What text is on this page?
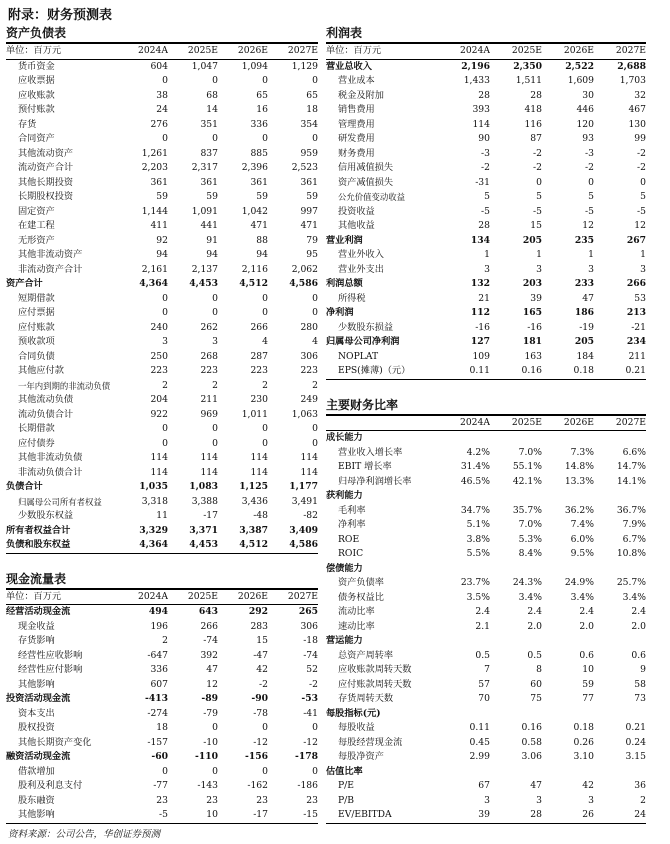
附录：财务预测表
资产负债表
单位：百万元	2024A	2025E	2026E	2027E
货币资金	604	1,047	1,094	1,129
应收票据	0	0	0	0
应收账款	38	68	65	65
预付账款	24	14	16	18
存货	276	351	336	354
合同资产	0	0	0	0
其他流动资产	1,261	837	885	959
流动资产合计	2,203	2,317	2,396	2,523
其他长期投资	361	361	361	361
长期股权投资	59	59	59	59
固定资产	1,144	1,091	1,042	997
在建工程	411	441	471	471
无形资产	92	91	88	79
其他非流动资产	94	94	94	95
非流动资产合计	2,161	2,137	2,116	2,062
资产合计	4,364	4,453	4,512	4,586
短期借款	0	0	0	0
应付票据	0	0	0	0
应付账款	240	262	266	280
预收款项	3	3	4	4
合同负债	250	268	287	306
其他应付款	223	223	223	223
一年内到期的非流动负债	2	2	2	2
其他流动负债	204	211	230	249
流动负债合计	922	969	1,011	1,063
长期借款	0	0	0	0
应付债券	0	0	0	0
其他非流动负债	114	114	114	114
非流动负债合计	114	114	114	114
负债合计	1,035	1,083	1,125	1,177
归属母公司所有者权益	3,318	3,388	3,436	3,491
少数股东权益	11	-17	-48	-82
所有者权益合计	3,329	3,371	3,387	3,409
负债和股东权益	4,364	4,453	4,512	4,586
现金流量表
单位：百万元	2024A	2025E	2026E	2027E
经营活动现金流	494	643	292	265
现金收益	196	266	283	306
存货影响	2	-74	15	-18
经营性应收影响	-647	392	-47	-74
经营性应付影响	336	47	42	52
其他影响	607	12	-2	-2
投资活动现金流	-413	-89	-90	-53
资本支出	-274	-79	-78	-41
股权投资	18	0	0	0
其他长期资产变化	-157	-10	-12	-12
融资活动现金流	-60	-110	-156	-178
借款增加	0	0	0	0
股利及利息支付	-77	-143	-162	-186
股东融资	23	23	23	23
其他影响	-5	10	-17	-15
利润表
单位：百万元	2024A	2025E	2026E	2027E
营业总收入	2,196	2,350	2,522	2,688
营业成本	1,433	1,511	1,609	1,703
税金及附加	28	28	30	32
销售费用	393	418	446	467
管理费用	114	116	120	130
研发费用	90	87	93	99
财务费用	-3	-2	-3	-2
信用减值损失	-2	-2	-2	-2
资产减值损失	-31	0	0	0
公允价值变动收益	5	5	5	5
投资收益	-5	-5	-5	-5
其他收益	28	15	12	12
营业利润	134	205	235	267
营业外收入	1	1	1	1
营业外支出	3	3	3	3
利润总额	132	203	233	266
所得税	21	39	47	53
净利润	112	165	186	213
少数股东损益	-16	-16	-19	-21
归属母公司净利润	127	181	205	234
NOPLAT	109	163	184	211
EPS(摊薄)（元）	0.11	0.16	0.18	0.21
主要财务比率
	2024A	2025E	2026E	2027E
成长能力				
营业收入增长率	4.2%	7.0%	7.3%	6.6%
EBIT 增长率	31.4%	55.1%	14.8%	14.7%
归母净利润增长率	46.5%	42.1%	13.3%	14.1%
获利能力				
毛利率	34.7%	35.7%	36.2%	36.7%
净利率	5.1%	7.0%	7.4%	7.9%
ROE	3.8%	5.3%	6.0%	6.7%
ROIC	5.5%	8.4%	9.5%	10.8%
偿债能力				
资产负债率	23.7%	24.3%	24.9%	25.7%
债务权益比	3.5%	3.4%	3.4%	3.4%
流动比率	2.4	2.4	2.4	2.4
速动比率	2.1	2.0	2.0	2.0
营运能力				
总资产周转率	0.5	0.5	0.6	0.6
应收账款周转天数	7	8	10	9
应付账款周转天数	57	60	59	58
存货周转天数	70	75	77	73
每股指标(元)				
每股收益	0.11	0.16	0.18	0.21
每股经营现金流	0.45	0.58	0.26	0.24
每股净资产	2.99	3.06	3.10	3.15
估值比率				
P/E	67	47	42	36
P/B	3	3	3	2
EV/EBITDA	39	28	26	24
资料来源：公司公告，华创证券预测
